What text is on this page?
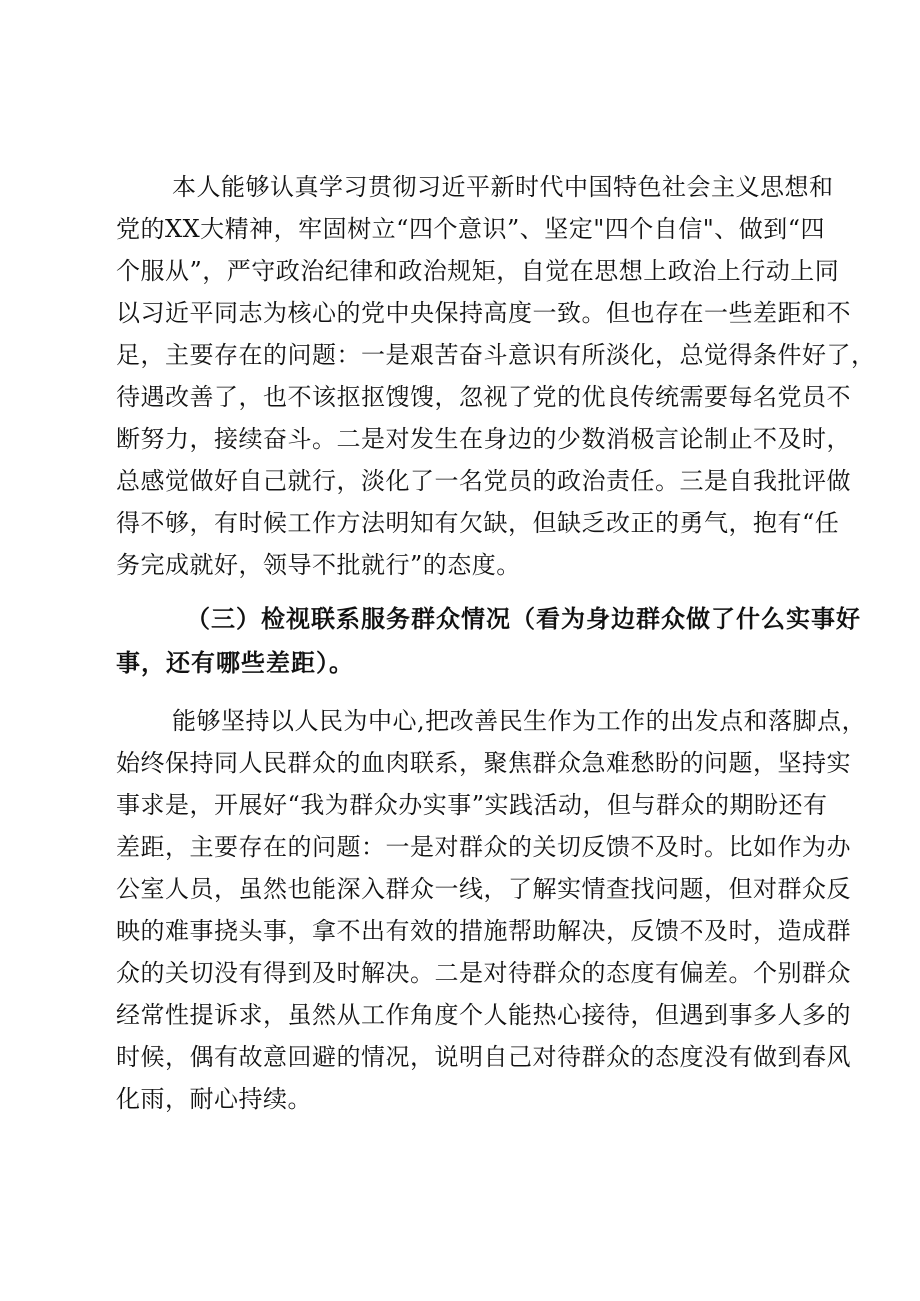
本人能够认真学习贯彻习近平新时代中国特色社会主义思想和
党的XX大精神，牢固树立“四个意识”、坚定"四个自信"、做到“四
个服从”，严守政治纪律和政治规矩，自觉在思想上政治上行动上同
以习近平同志为核心的党中央保持高度一致。但也存在一些差距和不
足，主要存在的问题：一是艰苦奋斗意识有所淡化，总觉得条件好了，
待遇改善了，也不该抠抠馊馊，忽视了党的优良传统需要每名党员不
断努力，接续奋斗。二是对发生在身边的少数消极言论制止不及时，
总感觉做好自己就行，淡化了一名党员的政治责任。三是自我批评做
得不够，有时候工作方法明知有欠缺，但缺乏改正的勇气，抱有“任
务完成就好，领导不批就行”的态度。
（三）检视联系服务群众情况（看为身边群众做了什么实事好
事，还有哪些差距）。
能够坚持以人民为中心,把改善民生作为工作的出发点和落脚点，
始终保持同人民群众的血肉联系，聚焦群众急难愁盼的问题，坚持实
事求是，开展好“我为群众办实事”实践活动，但与群众的期盼还有
差距，主要存在的问题：一是对群众的关切反馈不及时。比如作为办
公室人员，虽然也能深入群众一线，了解实情查找问题，但对群众反
映的难事挠头事，拿不出有效的措施帮助解决，反馈不及时，造成群
众的关切没有得到及时解决。二是对待群众的态度有偏差。个别群众
经常性提诉求，虽然从工作角度个人能热心接待，但遇到事多人多的
时候，偶有故意回避的情况，说明自己对待群众的态度没有做到春风
化雨，耐心持续。
